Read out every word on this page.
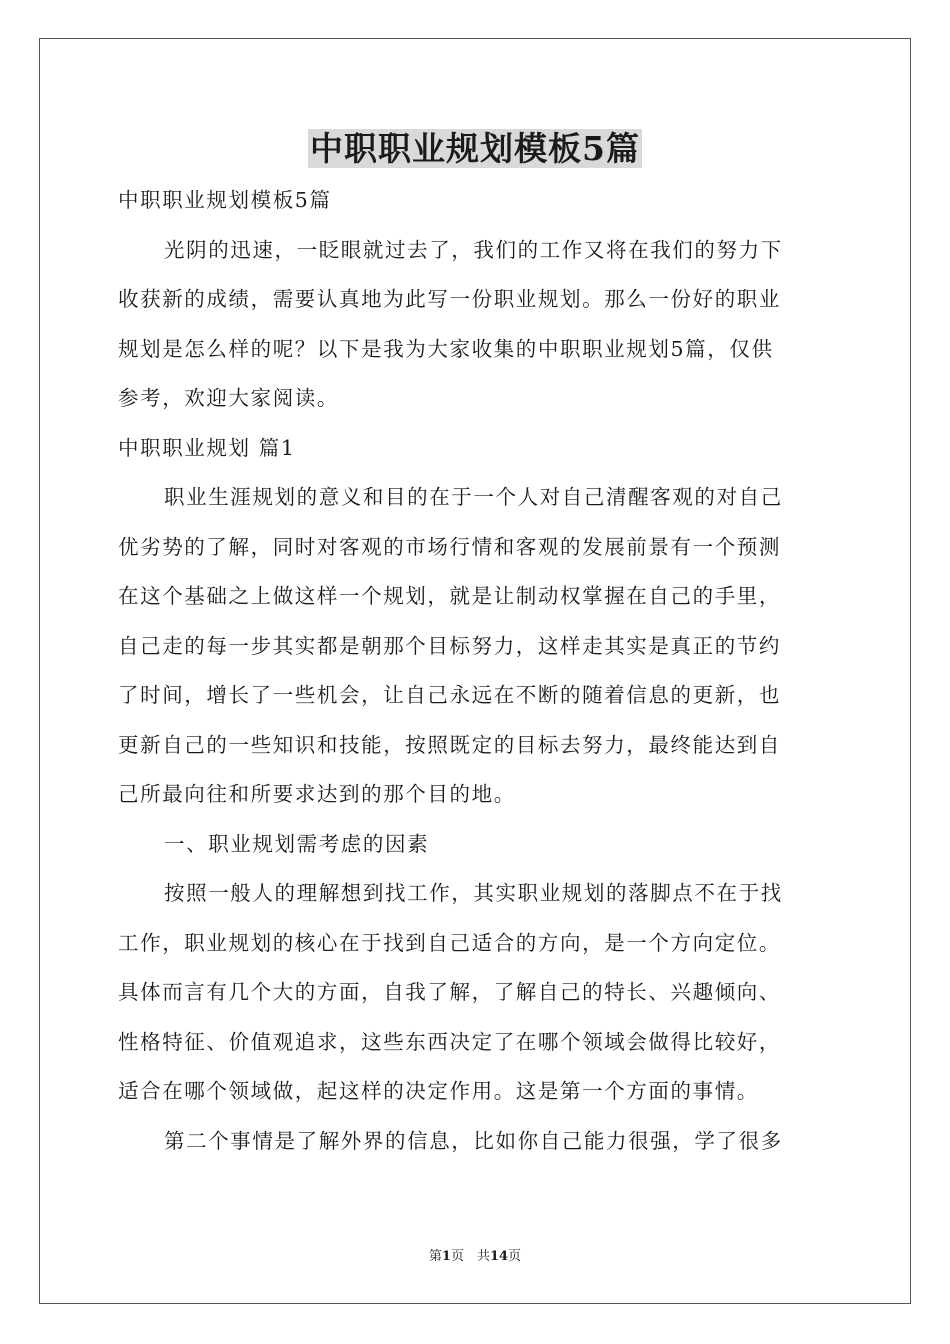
中职职业规划模板5篇

中职职业规划模板5篇

光阴的迅速，一眨眼就过去了，我们的工作又将在我们的努力下

收获新的成绩，需要认真地为此写一份职业规划。那么一份好的职业

规划是怎么样的呢？以下是我为大家收集的中职职业规划5篇，仅供

参考，欢迎大家阅读。

中职职业规划 篇1

职业生涯规划的意义和目的在于一个人对自己清醒客观的对自己

优劣势的了解，同时对客观的市场行情和客观的发展前景有一个预测

在这个基础之上做这样一个规划，就是让制动权掌握在自己的手里，

自己走的每一步其实都是朝那个目标努力，这样走其实是真正的节约

了时间，增长了一些机会，让自己永远在不断的随着信息的更新，也

更新自己的一些知识和技能，按照既定的目标去努力，最终能达到自

己所最向往和所要求达到的那个目的地。

一、职业规划需考虑的因素

按照一般人的理解想到找工作，其实职业规划的落脚点不在于找

工作，职业规划的核心在于找到自己适合的方向，是一个方向定位。

具体而言有几个大的方面，自我了解，了解自己的特长、兴趣倾向、

性格特征、价值观追求，这些东西决定了在哪个领域会做得比较好，

适合在哪个领域做，起这样的决定作用。这是第一个方面的事情。

第二个事情是了解外界的信息，比如你自己能力很强，学了很多

第1页　共14页
